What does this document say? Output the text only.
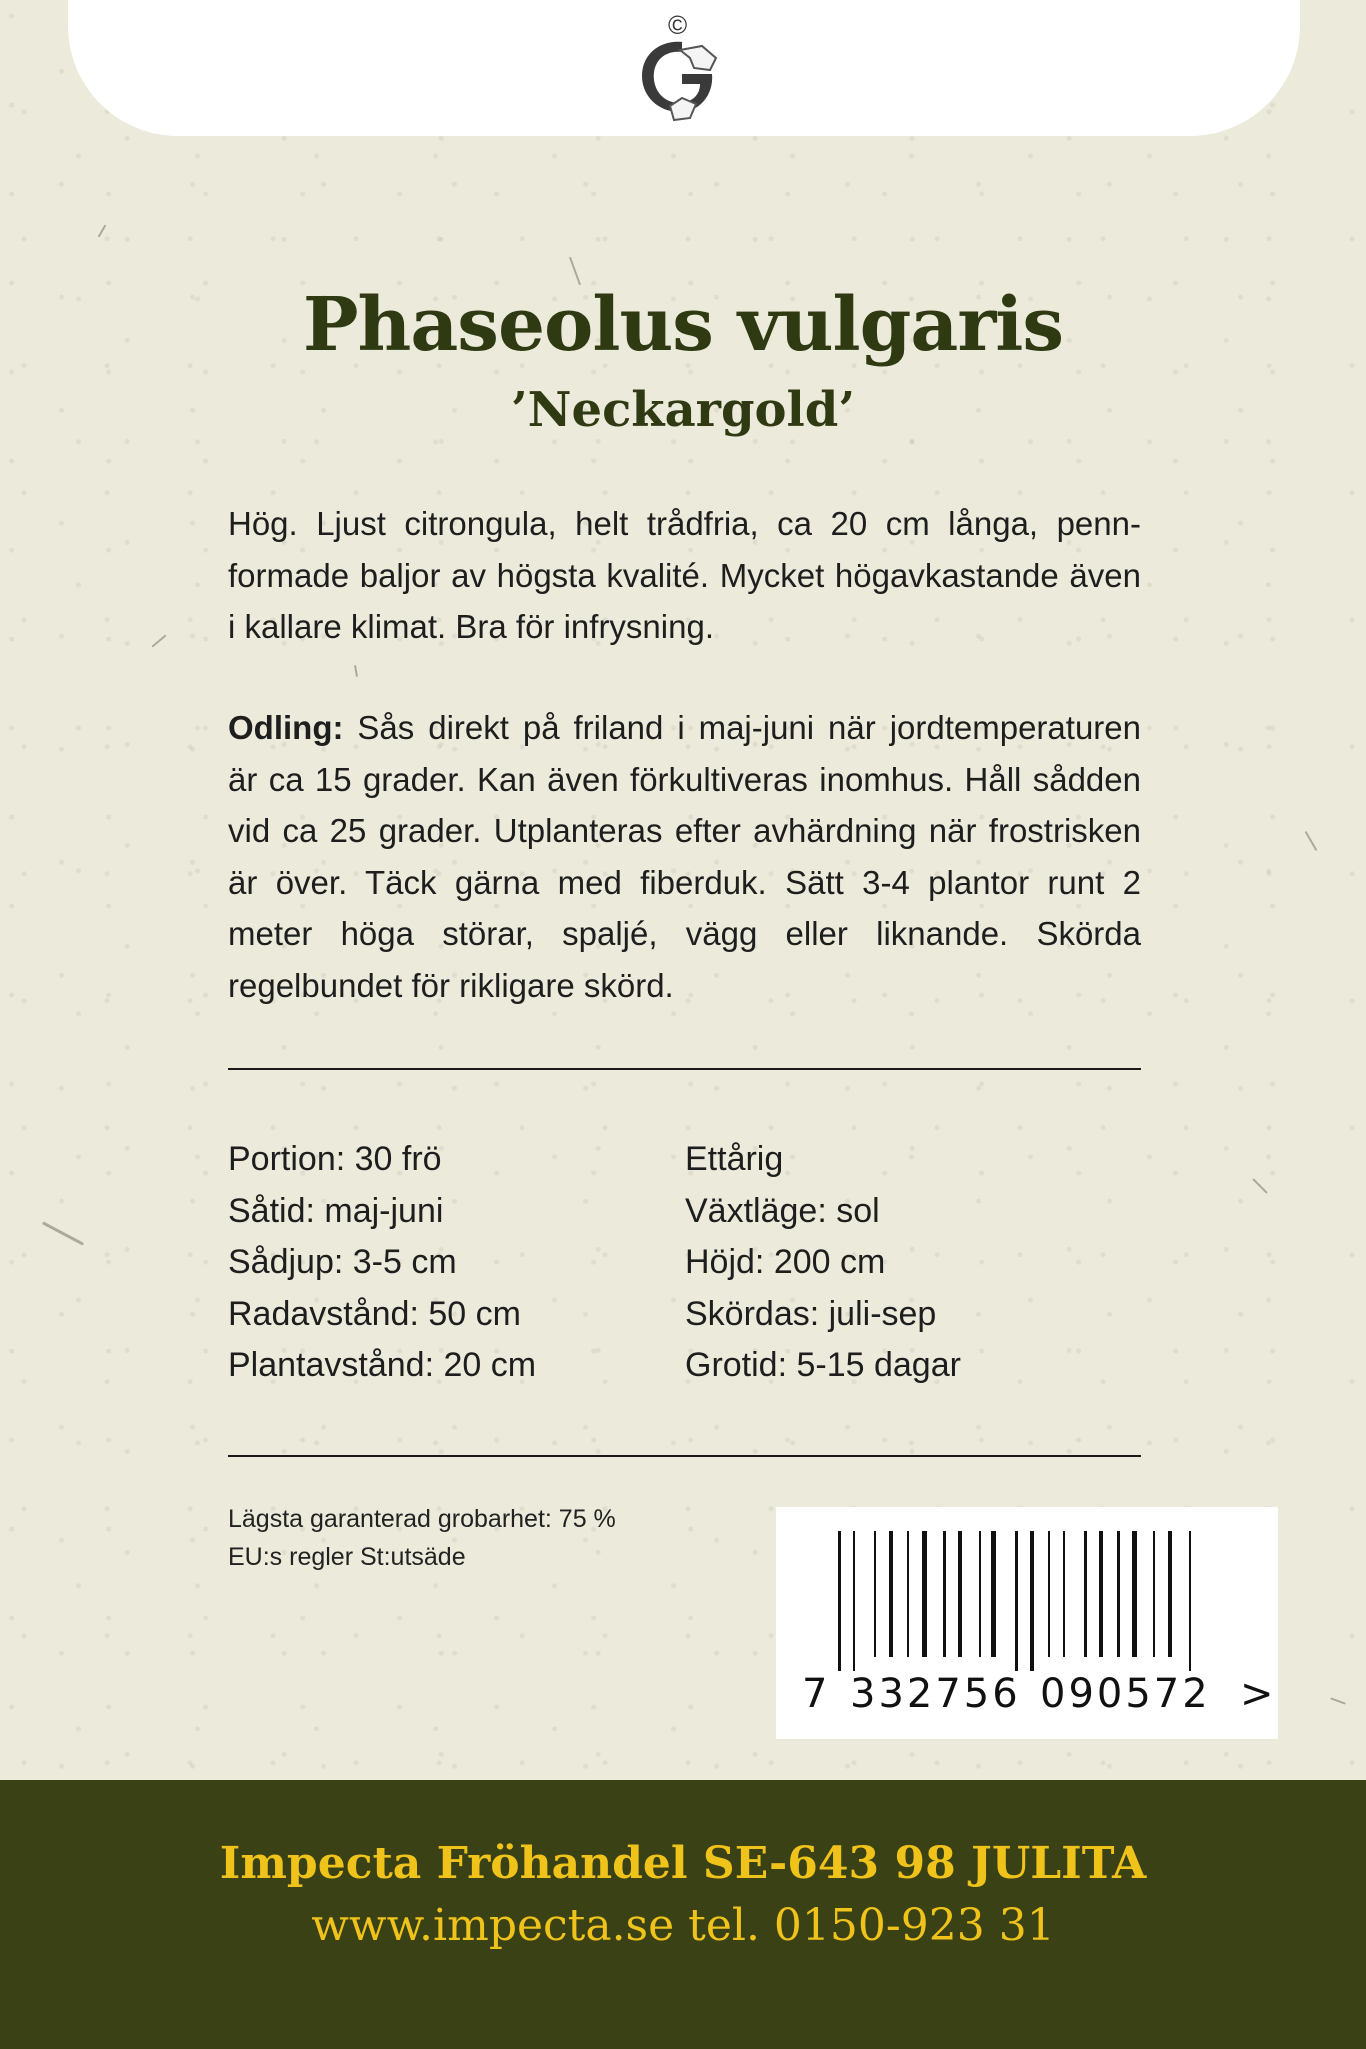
©
Phaseolus vulgaris
’Neckargold’
Hög. Ljust citrongula, helt trådfria, ca 20 cm långa, pennformade baljor av högsta kvalité. Mycket högavkastande även i kallare klimat. Bra för infrysning.
Odling: Sås direkt på friland i maj-juni när jordtemperaturen är ca 15 grader. Kan även förkultiveras inomhus. Håll sådden vid ca 25 grader. Utplanteras efter avhärdning när frostrisken är över. Täck gärna med fiberduk. Sätt 3-4 plantor runt 2 meter höga störar, spaljé, vägg eller liknande. Skörda regelbundet för rikligare skörd.
Portion: 30 frö
Såtid: maj-juni
Sådjup: 3-5 cm
Radavstånd: 50 cm
Plantavstånd: 20 cm
Ettårig
Växtläge: sol
Höjd: 200 cm
Skördas: juli-sep
Grotid: 5-15 dagar
Lägsta garanterad grobarhet: 75 %
EU:s regler St:utsäde
7 332756 090572 >
Impecta Fröhandel SE-643 98 JULITA
www.impecta.se tel. 0150-923 31
